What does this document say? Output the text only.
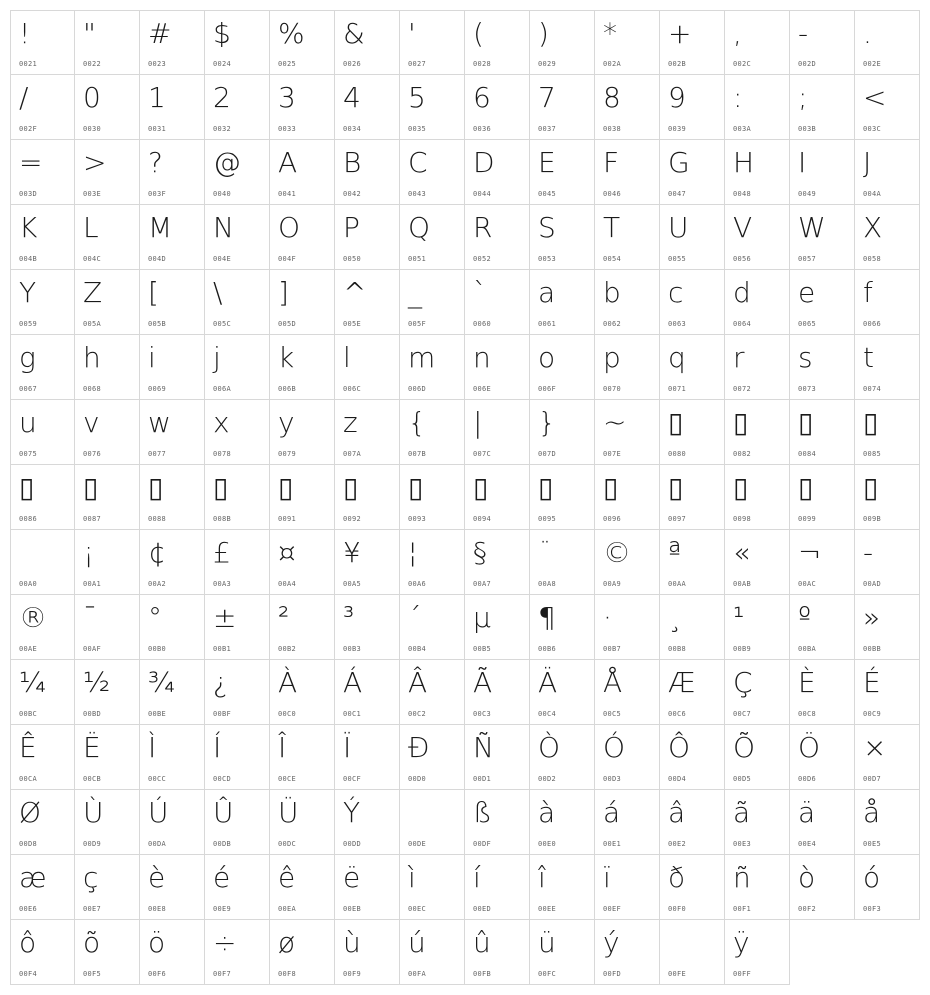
!
0021
"
0022
#
0023
$
0024
%
0025
&
0026
'
0027
(
0028
)
0029
*
002A
+
002B
,
002C
-
002D
.
002E
/
002F
0
0030
1
0031
2
0032
3
0033
4
0034
5
0035
6
0036
7
0037
8
0038
9
0039
:
003A
;
003B
<
003C
=
003D
>
003E
?
003F
@
0040
A
0041
B
0042
C
0043
D
0044
E
0045
F
0046
G
0047
H
0048
I
0049
J
004A
K
004B
L
004C
M
004D
N
004E
O
004F
P
0050
Q
0051
R
0052
S
0053
T
0054
U
0055
V
0056
W
0057
X
0058
Y
0059
Z
005A
[
005B
\
005C
]
005D
^
005E
_
005F
`
0060
a
0061
b
0062
c
0063
d
0064
e
0065
f
0066
g
0067
h
0068
i
0069
j
006A
k
006B
l
006C
m
006D
n
006E
o
006F
p
0070
q
0071
r
0072
s
0073
t
0074
u
0075
v
0076
w
0077
x
0078
y
0079
z
007A
{
007B
|
007C
}
007D
~
007E
▯
0080
▯
0082
▯
0084
▯
0085
▯
0086
▯
0087
▯
0088
▯
008B
▯
0091
▯
0092
▯
0093
▯
0094
▯
0095
▯
0096
▯
0097
▯
0098
▯
0099
▯
009B
00A0
¡
00A1
¢
00A2
£
00A3
¤
00A4
¥
00A5
¦
00A6
§
00A7
¨
00A8
©
00A9
ª
00AA
«
00AB
¬
00AC
-
00AD
®
00AE
¯
00AF
°
00B0
±
00B1
²
00B2
³
00B3
´
00B4
µ
00B5
¶
00B6
·
00B7
¸
00B8
¹
00B9
º
00BA
»
00BB
¼
00BC
½
00BD
¾
00BE
¿
00BF
À
00C0
Á
00C1
Â
00C2
Ã
00C3
Ä
00C4
Å
00C5
Æ
00C6
Ç
00C7
È
00C8
É
00C9
Ê
00CA
Ë
00CB
Ì
00CC
Í
00CD
Î
00CE
Ï
00CF
Ð
00D0
Ñ
00D1
Ò
00D2
Ó
00D3
Ô
00D4
Õ
00D5
Ö
00D6
×
00D7
Ø
00D8
Ù
00D9
Ú
00DA
Û
00DB
Ü
00DC
Ý
00DD	00DE
ß
00DF
à
00E0
á
00E1
â
00E2
ã
00E3
ä
00E4
å
00E5
æ
00E6
ç
00E7
è
00E8
é
00E9
ê
00EA
ë
00EB
ì
00EC
í
00ED
î
00EE
ï
00EF
ð
00F0
ñ
00F1
ò
00F2
ó
00F3
ô
00F4
õ
00F5
ö
00F6
÷
00F7
ø
00F8
ù
00F9
ú
00FA
û
00FB
ü
00FC
ý
00FD	00FE
ÿ
00FF
